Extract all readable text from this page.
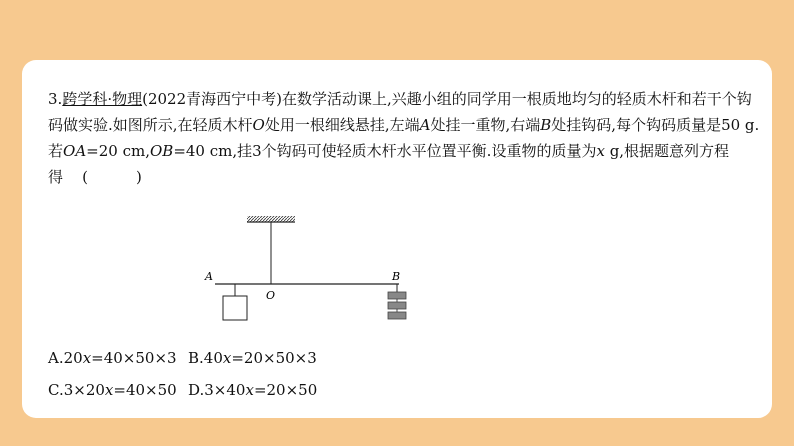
3.跨学科·物理(2022青海西宁中考)在数学活动课上,兴趣小组的同学用一根质地均匀的轻质木杆和若干个钩码做实验.如图所示,在轻质木杆O处用一根细线悬挂,左端A处挂一重物,右端B处挂钩码,每个钩码质量是50 g.若OA=20 cm,OB=40 cm,挂3个钩码可使轻质木杆水平位置平衡.设重物的质量为x g,根据题意列方程得 (	)
A
O
B
A.20x=40×50×3 B.40x=20×50×3
C.3×20x=40×50 D.3×40x=20×50
